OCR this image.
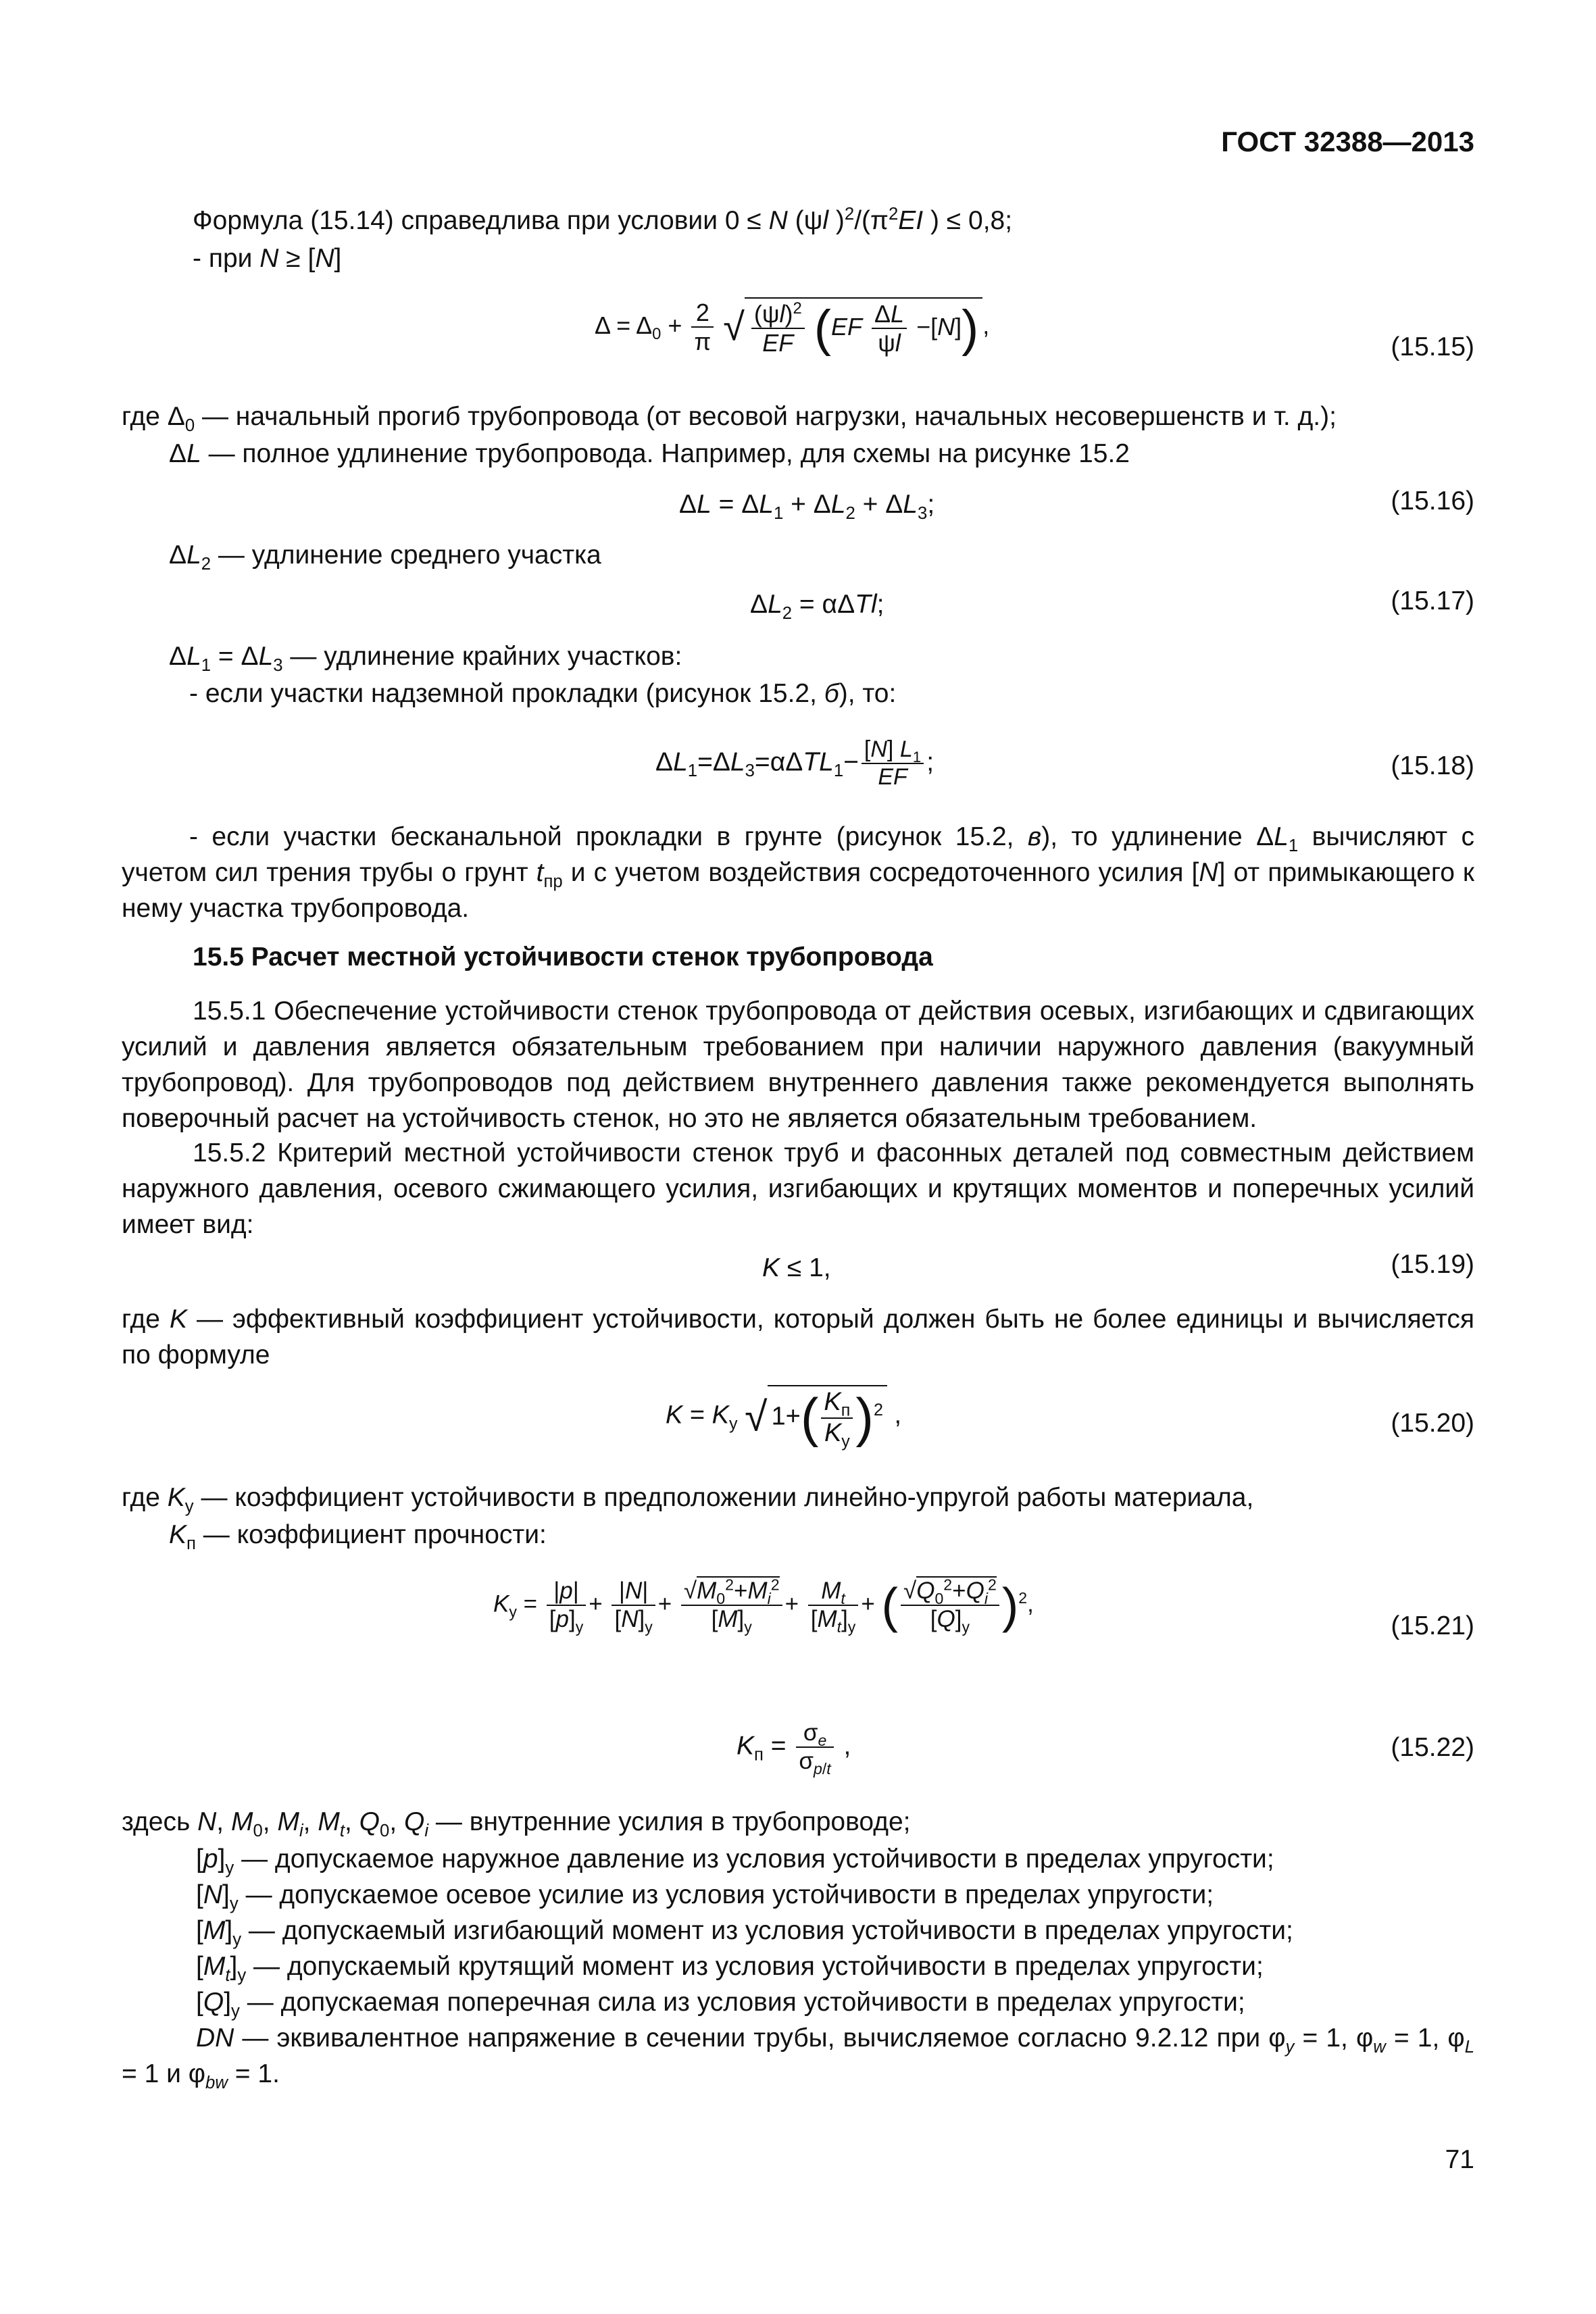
ГОСТ 32388—2013
Формула (15.14) справедлива при условии 0 ≤ N (ψl )$^2/(\pi^2EI$ ) ≤ 0,8;
- при N ≥ [N]
$\Delta = \Delta_0 + \frac{2}{\pi}$ √ $\frac{(\psi l)^2}{EF} (EF \frac{\Delta L}{\psi l} -[N])$ ,
(15.15)
где $\Delta_0$ — начальный прогиб трубопровода (от весовой нагрузки, начальных несовершенств и т. д.);
ΔL — полное удлинение трубопровода. Например, для схемы на рисунке 15.2
$\Delta L = \Delta L_1 + \Delta L_2 + \Delta L_3$;	(15.16)
$\Delta L_2$ — удлинение среднего участка
$\Delta L_2 = \alpha\Delta Tl$;	(15.17)
$\Delta L_1 = \Delta L_3$ — удлинение крайних участков:
- если участки надземной прокладки (рисунок 15.2, б), то:
$\Delta L_1=\Delta L_3=\alpha\Delta TL_1- \frac{[N] L_1}{EF}$ ;	(15.18)
- если участки бесканальной прокладки в грунте (рисунок 15.2, в), то удлинение $\Delta L_1$ вычисляют с учетом сил трения трубы о грунт $t_{пр}$ и с учетом воздействия сосредоточенного усилия [N] от примыкающего к нему участка трубопровода.
15.5 Расчет местной устойчивости стенок трубопровода
15.5.1 Обеспечение устойчивости стенок трубопровода от действия осевых, изгибающих и сдвигающих усилий и давления является обязательным требованием при наличии наружного давления (вакуумный трубопровод). Для трубопроводов под действием внутреннего давления также рекомендуется выполнять поверочный расчет на устойчивость стенок, но это не является обязательным требованием.
15.5.2 Критерий местной устойчивости стенок труб и фасонных деталей под совместным действием наружного давления, осевого сжимающего усилия, изгибающих и крутящих моментов и поперечных усилий имеет вид:
K ≤ 1,	(15.19)
где K — эффективный коэффициент устойчивости, который должен быть не более единицы и вычисляется по формуле
$K = K_у$ √ $1+( \frac{K_п}{K_у} )^2$ ,	(15.20)
где $K_у$ — коэффициент устойчивости в предположении линейно-упругой работы материала,
$K_п$ — коэффициент прочности:
$K_у = \frac{|p|}{[p]_у} + \frac{|N|}{[N]_у} + \frac{√M_0^2+M_i^2}{[M]_у} + \frac{M_t}{[M_t]_у}$ + ( $\frac{√Q_0^2+Q_i^2}{[Q]_у} )^2$,
(15.21)
$K_п = \frac{\sigma_e}{\sigma_{p/t}}$ ,	(15.22)
здесь N, $M_0$, $M_i$, $M_t$, $Q_0$, $Q_i$ — внутренние усилия в трубопроводе;
$[p]_у$ — допускаемое наружное давление из условия устойчивости в пределах упругости;
$[N]_у$ — допускаемое осевое усилие из условия устойчивости в пределах упругости;
$[M]_у$ — допускаемый изгибающий момент из условия устойчивости в пределах упругости;
$[M_t]_у$ — допускаемый крутящий момент из условия устойчивости в пределах упругости;
$[Q]_у$ — допускаемая поперечная сила из условия устойчивости в пределах упругости;
DN — эквивалентное напряжение в сечении трубы, вычисляемое согласно 9.2.12 при $\varphi_y = 1$, $\varphi_w = 1$, $\varphi_L = 1$ и $\varphi_{bw} = 1$.
71
